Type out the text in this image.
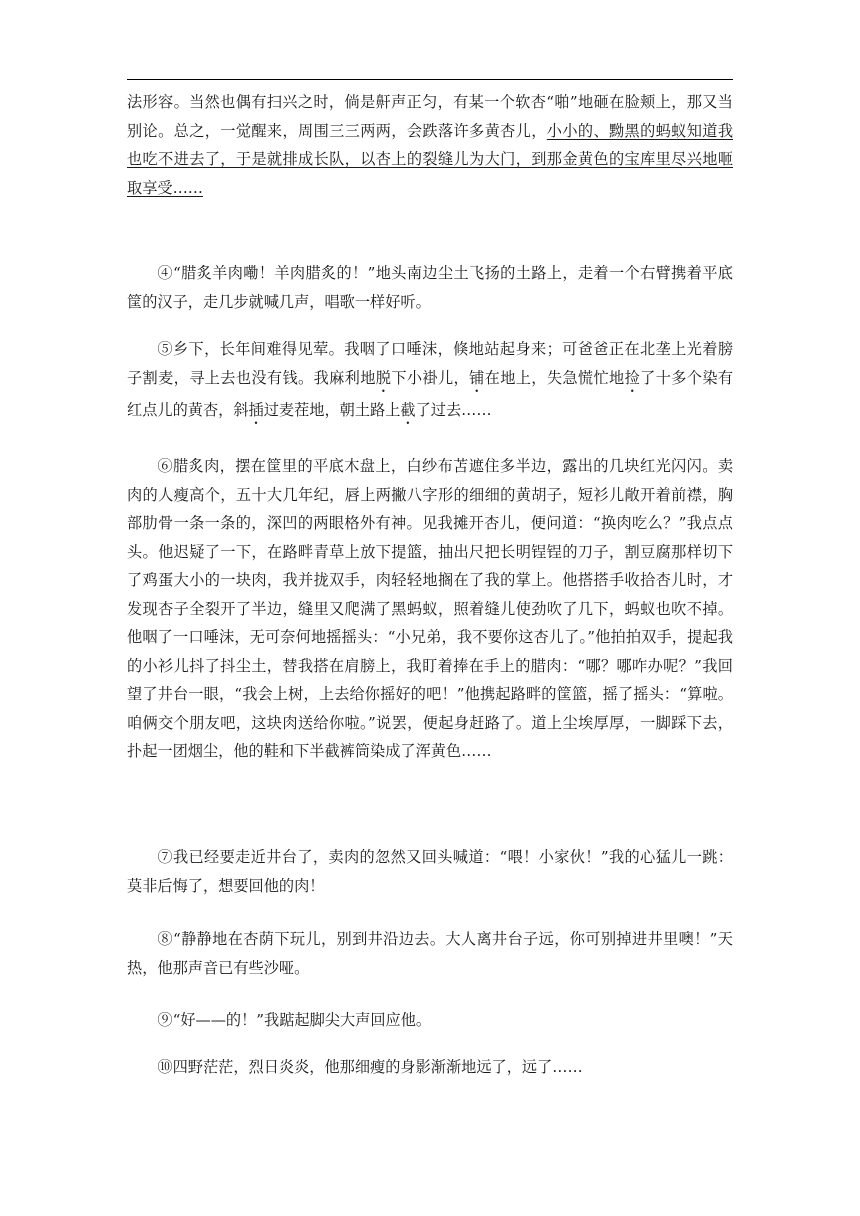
法形容。当然也偶有扫兴之时，倘是鼾声正匀，有某一个软杏“啪”地砸在脸颊上，那又当别论。总之，一觉醒来，周围三三两两，会跌落许多黄杏儿，小小的、黝黑的蚂蚁知道我也吃不进去了，于是就排成长队，以杏上的裂缝儿为大门，到那金黄色的宝库里尽兴地咂取享受……

④“腊炙羊肉嘞！羊肉腊炙的！”地头南边尘土飞扬的土路上，走着一个右臂携着平底筐的汉子，走几步就喊几声，唱歌一样好听。

⑤乡下，长年间难得见荤。我咽了口唾沫，倏地站起身来；可爸爸正在北垄上光着膀子割麦，寻上去也没有钱。我麻利地脱下小褂儿，铺在地上，失急慌忙地捡了十多个染有红点儿的黄杏，斜插过麦茬地，朝土路上截了过去……

⑥腊炙肉，摆在筐里的平底木盘上，白纱布苫遮住多半边，露出的几块红光闪闪。卖肉的人瘦高个，五十大几年纪，唇上两撇八字形的细细的黄胡子，短衫儿敞开着前襟，胸部肋骨一条一条的，深凹的两眼格外有神。见我摊开杏儿，便问道：“换肉吃么？”我点点头。他迟疑了一下，在路畔青草上放下提篮，抽出尺把长明锃锃的刀子，割豆腐那样切下了鸡蛋大小的一块肉，我并拢双手，肉轻轻地搁在了我的掌上。他搭搭手收拾杏儿时，才发现杏子全裂开了半边，缝里又爬满了黑蚂蚁，照着缝儿使劲吹了几下，蚂蚁也吹不掉。他咽了一口唾沫，无可奈何地摇摇头：“小兄弟，我不要你这杏儿了。”他拍拍双手，提起我的小衫儿抖了抖尘土，替我搭在肩膀上，我盯着捧在手上的腊肉：“哪？哪咋办呢？”我回望了井台一眼，“我会上树，上去给你摇好的吧！”他携起路畔的筐篮，摇了摇头：“算啦。咱俩交个朋友吧，这块肉送给你啦。”说罢，便起身赶路了。道上尘埃厚厚，一脚踩下去，扑起一团烟尘，他的鞋和下半截裤筒染成了浑黄色……

⑦我已经要走近井台了，卖肉的忽然又回头喊道：“喂！小家伙！”我的心猛儿一跳：莫非后悔了，想要回他的肉！

⑧“静静地在杏荫下玩儿，别到井沿边去。大人离井台子远，你可别掉进井里噢！”天热，他那声音已有些沙哑。

⑨“好——的！”我踮起脚尖大声回应他。

⑩四野茫茫，烈日炎炎，他那细瘦的身影渐渐地远了，远了……
